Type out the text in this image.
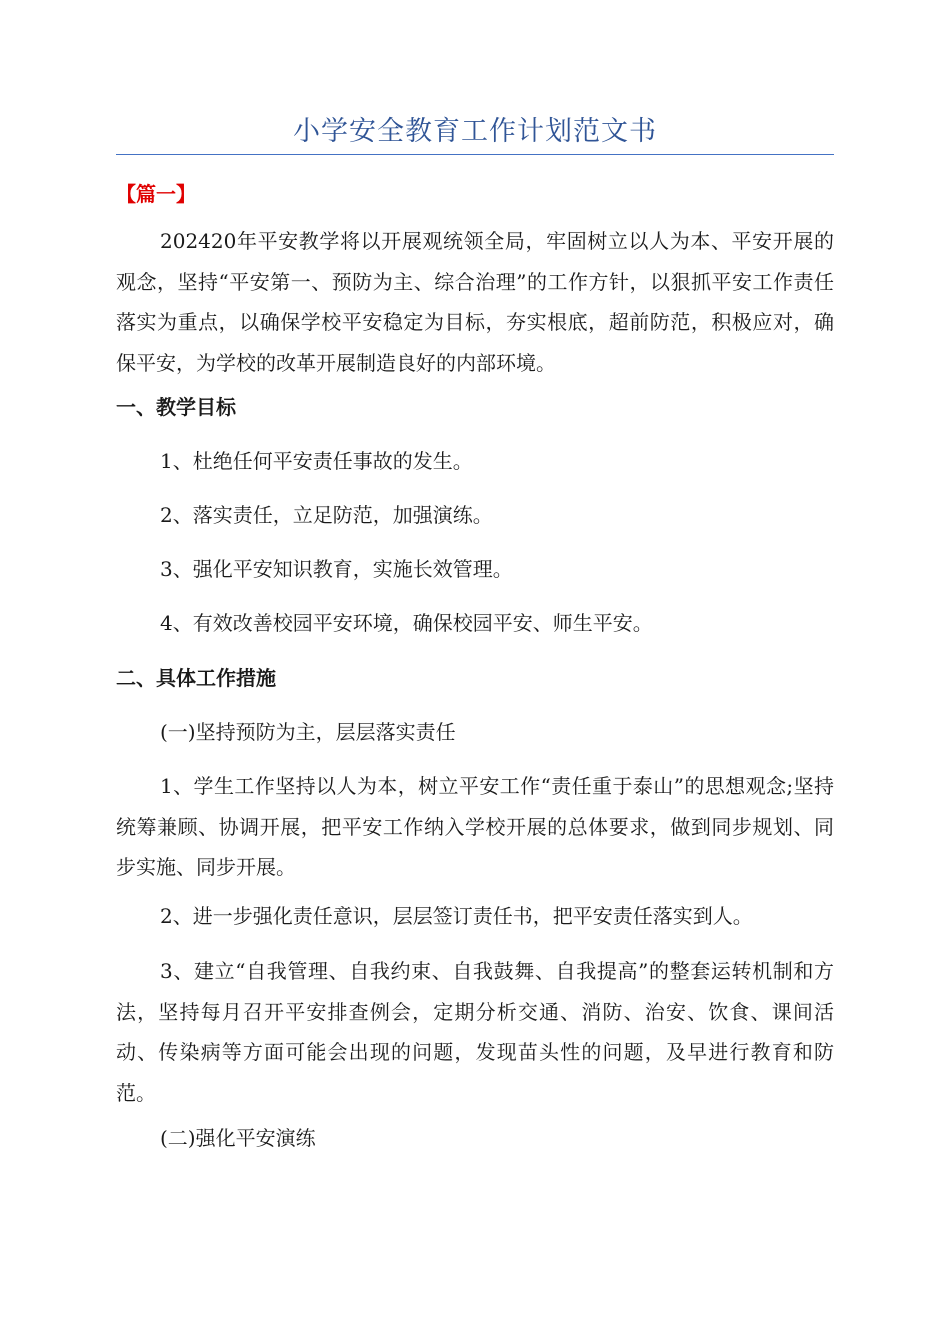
小学安全教育工作计划范文书
【篇一】

202420年平安教学将以开展观统领全局，牢固树立以人为本、平安开展的观念，坚持“平安第一、预防为主、综合治理”的工作方针，以狠抓平安工作责任落实为重点，以确保学校平安稳定为目标，夯实根底，超前防范，积极应对，确保平安，为学校的改革开展制造良好的内部环境。

一、教学目标

1、杜绝任何平安责任事故的发生。

2、落实责任，立足防范，加强演练。

3、强化平安知识教育，实施长效管理。

4、有效改善校园平安环境，确保校园平安、师生平安。

二、具体工作措施

(一)坚持预防为主，层层落实责任

1、学生工作坚持以人为本，树立平安工作“责任重于泰山”的思想观念;坚持统筹兼顾、协调开展，把平安工作纳入学校开展的总体要求，做到同步规划、同步实施、同步开展。

2、进一步强化责任意识，层层签订责任书，把平安责任落实到人。

3、建立“自我管理、自我约束、自我鼓舞、自我提高”的整套运转机制和方法，坚持每月召开平安排查例会，定期分析交通、消防、治安、饮食、课间活动、传染病等方面可能会出现的问题，发现苗头性的问题，及早进行教育和防范。

(二)强化平安演练
